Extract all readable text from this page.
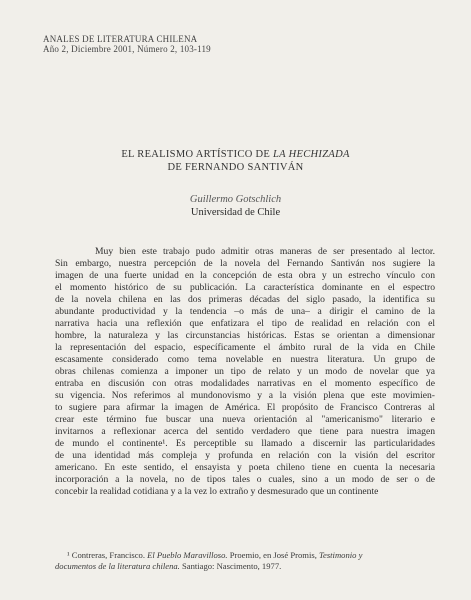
ANALES DE LITERATURA CHILENA
Año 2, Diciembre 2001, Número 2, 103-119
EL REALISMO ARTÍSTICO DE LA HECHIZADA
DE FERNANDO SANTIVÁN
Guillermo Gotschlich
Universidad de Chile
Muy bien este trabajo pudo admitir otras maneras de ser presentado al lector.
Sin embargo, nuestra percepción de la novela del Fernando Santiván nos sugiere la
imagen de una fuerte unidad en la concepción de esta obra y un estrecho vínculo con
el momento histórico de su publicación. La característica dominante en el espectro
de la novela chilena en las dos primeras décadas del siglo pasado, la identifica su
abundante productividad y la tendencia –o más de una– a dirigir el camino de la
narrativa hacia una reflexión que enfatizara el tipo de realidad en relación con el
hombre, la naturaleza y las circunstancias históricas. Estas se orientan a dimensionar
la representación del espacio, específicamente el ámbito rural de la vida en Chile
escasamente considerado como tema novelable en nuestra literatura. Un grupo de
obras chilenas comienza a imponer un tipo de relato y un modo de novelar que ya
entraba en discusión con otras modalidades narrativas en el momento específico de
su vigencia. Nos referimos al mundonovismo y a la visión plena que este movimien-
to sugiere para afirmar la imagen de América. El propósito de Francisco Contreras al
crear este término fue buscar una nueva orientación al "americanismo" literario e
invitarnos a reflexionar acerca del sentido verdadero que tiene para nuestra imagen
de mundo el continente¹. Es perceptible su llamado a discernir las particularidades
de una identidad más compleja y profunda en relación con la visión del escritor
americano. En este sentido, el ensayista y poeta chileno tiene en cuenta la necesaria
incorporación a la novela, no de tipos tales o cuales, sino a un modo de ser o de
concebir la realidad cotidiana y a la vez lo extraño y desmesurado que un continente
¹ Contreras, Francisco. El Pueblo Maravilloso. Proemio, en José Promis, Testimonio y
documentos de la literatura chilena. Santiago: Nascimento, 1977.
